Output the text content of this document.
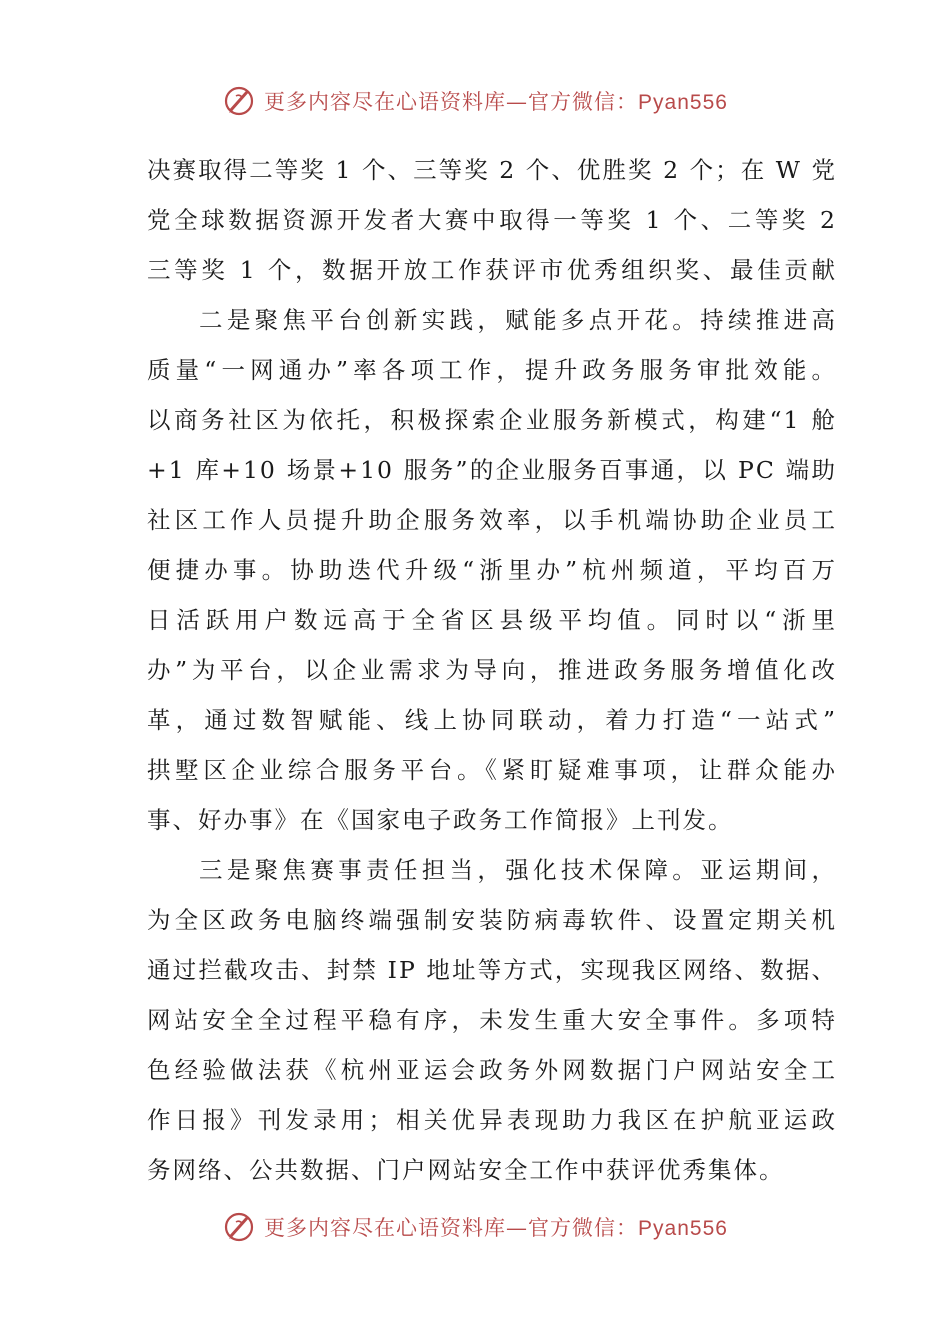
更多内容尽在心语资料库—官方微信：Pyan556
决赛取得二等奖 1 个、三等奖 2 个、优胜奖 2 个；在 W 党
党全球数据资源开发者大赛中取得一等奖 1 个、二等奖 2
三等奖 1 个，数据开放工作获评市优秀组织奖、最佳贡献
二是聚焦平台创新实践，赋能多点开花。持续推进高
质量“一网通办”率各项工作，提升政务服务审批效能。
以商务社区为依托，积极探索企业服务新模式，构建“1 舱
+1 库+10 场景+10 服务”的企业服务百事通，以 PC 端助
社区工作人员提升助企服务效率，以手机端协助企业员工
便捷办事。协助迭代升级“浙里办”杭州频道，平均百万
日活跃用户数远高于全省区县级平均值。同时以“浙里
办”为平台，以企业需求为导向，推进政务服务增值化改
革，通过数智赋能、线上协同联动，着力打造“一站式”
拱墅区企业综合服务平台。《紧盯疑难事项，让群众能办
事、好办事》在《国家电子政务工作简报》上刊发。
三是聚焦赛事责任担当，强化技术保障。亚运期间，
为全区政务电脑终端强制安装防病毒软件、设置定期关机
通过拦截攻击、封禁 IP 地址等方式，实现我区网络、数据、
网站安全全过程平稳有序，未发生重大安全事件。多项特
色经验做法获《杭州亚运会政务外网数据门户网站安全工
作日报》刊发录用；相关优异表现助力我区在护航亚运政
务网络、公共数据、门户网站安全工作中获评优秀集体。
更多内容尽在心语资料库—官方微信：Pyan556
